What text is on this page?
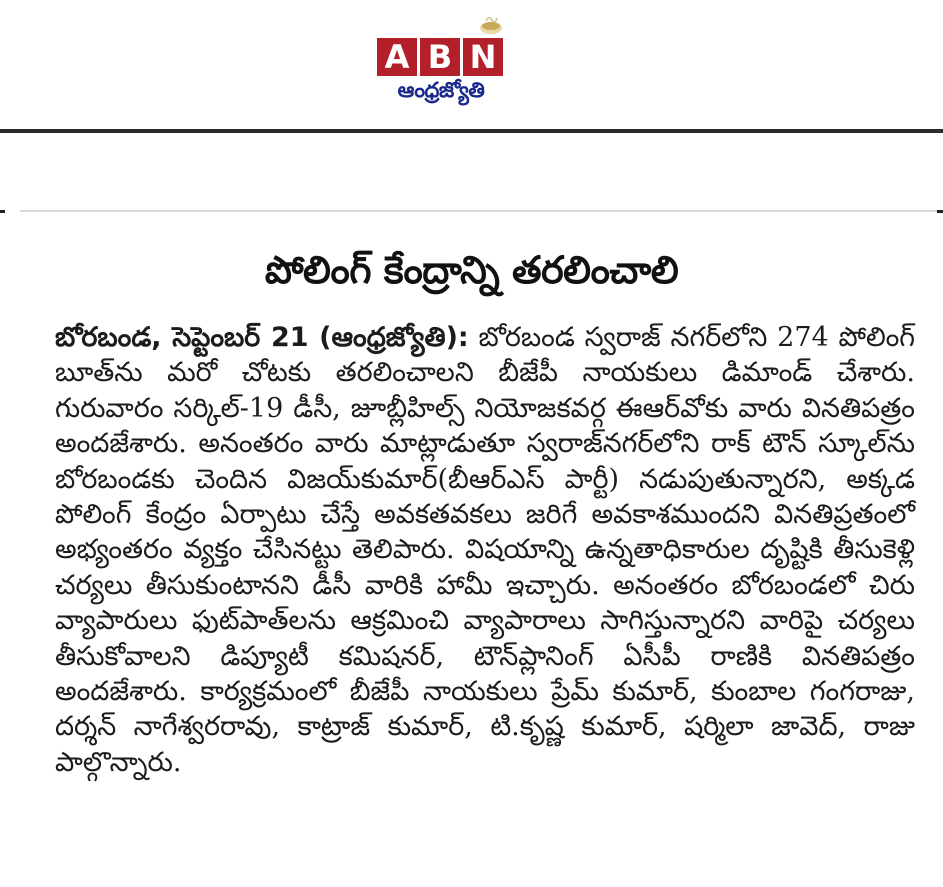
A B N
ఆంధ్రజ్యోతి
పోలింగ్ కేంద్రాన్ని తరలించాలి
బోరబండ, సెప్టెంబర్ 21 (ఆంధ్రజ్యోతి): బోరబండ స్వరాజ్ నగర్‌లోని 274 పోలింగ్ బూత్‌ను మరో చోటకు తరలించాలని బీజేపీ నాయకులు డిమాండ్ చేశారు. గురువారం సర్కిల్-19 డీసీ, జూబ్లీహిల్స్ నియోజకవర్గ ఈఆర్‌వోకు వారు వినతిపత్రం అందజేశారు. అనంతరం వారు మాట్లాడుతూ స్వరాజ్‌నగర్‌లోని రాక్ టౌన్ స్కూల్‌ను బోరబండకు చెందిన విజయ్‌కుమార్(బీఆర్ఎస్ పార్టీ) నడుపుతున్నారని, అక్కడ పోలింగ్ కేంద్రం ఏర్పాటు చేస్తే అవకతవకలు జరిగే అవకాశముందని వినతిప్రతంలో అభ్యంతరం వ్యక్తం చేసినట్టు తెలిపారు. విషయాన్ని ఉన్నతాధికారుల దృష్టికి తీసుకెళ్లి చర్యలు తీసుకుంటానని డీసీ వారికి హామీ ఇచ్చారు. అనంతరం బోరబండలో చిరు వ్యాపారులు ఫుట్‌పాత్‌లను ఆక్రమించి వ్యాపారాలు సాగిస్తున్నారని వారిపై చర్యలు తీసుకోవాలని డిప్యూటీ కమిషనర్, టౌన్‌ప్లానింగ్ ఏసీపీ రాణికి వినతిపత్రం అందజేశారు. కార్యక్రమంలో బీజేపీ నాయకులు ప్రేమ్ కుమార్, కుంబాల గంగరాజు, దర్శన్ నాగేశ్వరరావు, కాట్రాజ్ కుమార్, టి.కృష్ణ కుమార్, షర్మిలా జావెద్, రాజు పాల్గొన్నారు.
